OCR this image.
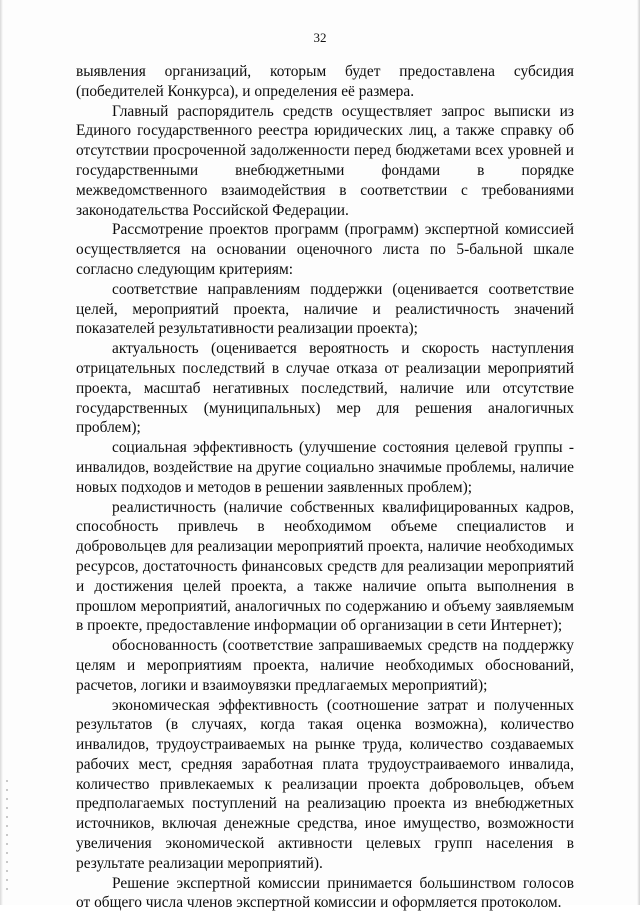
32

выявления организаций, которым будет предоставлена субсидия (победителей Конкурса), и определения её размера.

Главный распорядитель средств осуществляет запрос выписки из Единого государственного реестра юридических лиц, а также справку об отсутствии просроченной задолженности перед бюджетами всех уровней и государственными внебюджетными фондами в порядке межведомственного взаимодействия в соответствии с требованиями законодательства Российской Федерации.

Рассмотрение проектов программ (программ) экспертной комиссией осуществляется на основании оценочного листа по 5-бальной шкале согласно следующим критериям:

соответствие направлениям поддержки (оценивается соответствие целей, мероприятий проекта, наличие и реалистичность значений показателей результативности реализации проекта);

актуальность (оценивается вероятность и скорость наступления отрицательных последствий в случае отказа от реализации мероприятий проекта, масштаб негативных последствий, наличие или отсутствие государственных (муниципальных) мер для решения аналогичных проблем);

социальная эффективность (улучшение состояния целевой группы - инвалидов, воздействие на другие социально значимые проблемы, наличие новых подходов и методов в решении заявленных проблем);

реалистичность (наличие собственных квалифицированных кадров, способность привлечь в необходимом объеме специалистов и добровольцев для реализации мероприятий проекта, наличие необходимых ресурсов, достаточность финансовых средств для реализации мероприятий и достижения целей проекта, а также наличие опыта выполнения в прошлом мероприятий, аналогичных по содержанию и объему заявляемым в проекте, предоставление информации об организации в сети Интернет);

обоснованность (соответствие запрашиваемых средств на поддержку целям и мероприятиям проекта, наличие необходимых обоснований, расчетов, логики и взаимоувязки предлагаемых мероприятий);

экономическая эффективность (соотношение затрат и полученных результатов (в случаях, когда такая оценка возможна), количество инвалидов, трудоустраиваемых на рынке труда, количество создаваемых рабочих мест, средняя заработная плата трудоустраиваемого инвалида, количество привлекаемых к реализации проекта добровольцев, объем предполагаемых поступлений на реализацию проекта из внебюджетных источников, включая денежные средства, иное имущество, возможности увеличения экономической активности целевых групп населения в результате реализации мероприятий).

Решение экспертной комиссии принимается большинством голосов от общего числа членов экспертной комиссии и оформляется протоколом.
